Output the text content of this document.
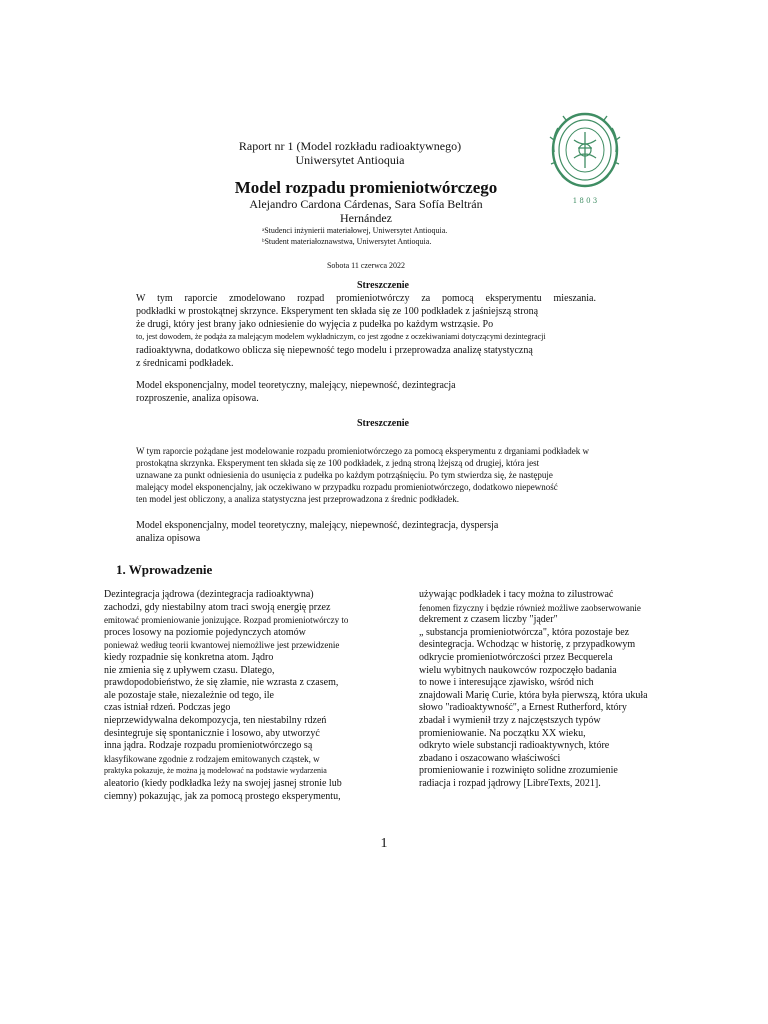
Raport nr 1 (Model rozkładu radioaktywnego)
Uniwersytet Antioquia
1 8 0 3
Model rozpadu promieniotwórczego
Alejandro Cardona Cárdenas, Sara Sofía Beltrán
Hernández
ᵃStudenci inżynierii materiałowej, Uniwersytet Antioquia.
ᵇStudent materiałoznawstwa, Uniwersytet Antioquia.
Sobota 11 czerwca 2022
Streszczenie
W tym raporcie zmodelowano rozpad promieniotwórczy za pomocą eksperymentu mieszania.
podkładki w prostokątnej skrzynce. Eksperyment ten składa się ze 100 podkładek z jaśniejszą stroną
że drugi, który jest brany jako odniesienie do wyjęcia z pudełka po każdym wstrząsie. Po
to, jest dowodem, że podąża za malejącym modelem wykładniczym, co jest zgodne z oczekiwaniami dotyczącymi dezintegracji
radioaktywna, dodatkowo oblicza się niepewność tego modelu i przeprowadza analizę statystyczną
z średnicami podkładek.
Model eksponencjalny, model teoretyczny, malejący, niepewność, dezintegracja
rozproszenie, analiza opisowa.
Streszczenie
W tym raporcie pożądane jest modelowanie rozpadu promieniotwórczego za pomocą eksperymentu z drganiami podkładek w
prostokątna skrzynka. Eksperyment ten składa się ze 100 podkładek, z jedną stroną lżejszą od drugiej, która jest
uznawane za punkt odniesienia do usunięcia z pudełka po każdym potrząśnięciu. Po tym stwierdza się, że następuje
malejący model eksponencjalny, jak oczekiwano w przypadku rozpadu promieniotwórczego, dodatkowo niepewność
ten model jest obliczony, a analiza statystyczna jest przeprowadzona z średnic podkładek.
Model eksponencjalny, model teoretyczny, malejący, niepewność, dezintegracja, dyspersja
analiza opisowa
1. Wprowadzenie
Dezintegracja jądrowa (dezintegracja radioaktywna)
zachodzi, gdy niestabilny atom traci swoją energię przez
emitować promieniowanie jonizujące. Rozpad promieniotwórczy to
proces losowy na poziomie pojedynczych atomów
ponieważ według teorii kwantowej niemożliwe jest przewidzenie
kiedy rozpadnie się konkretna atom. Jądro
nie zmienia się z upływem czasu. Dlatego,
prawdopodobieństwo, że się złamie, nie wzrasta z czasem,
ale pozostaje stałe, niezależnie od tego, ile
czas istniał rdzeń. Podczas jego
nieprzewidywalna dekompozycja, ten niestabilny rdzeń
desintegruje się spontanicznie i losowo, aby utworzyć
inna jądra. Rodzaje rozpadu promieniotwórczego są
klasyfikowane zgodnie z rodzajem emitowanych cząstek, w
praktyka pokazuje, że można ją modelować na podstawie wydarzenia
aleatorio (kiedy podkładka leży na swojej jasnej stronie lub
ciemny) pokazując, jak za pomocą prostego eksperymentu,
używając podkładek i tacy można to zilustrować
fenomen fizyczny i będzie również możliwe zaobserwowanie
dekrement z czasem liczby "jąder"
„ substancja promieniotwórcza", która pozostaje bez
desintegracja. Wchodząc w historię, z przypadkowym
odkrycie promieniotwórczości przez Becquerela
wielu wybitnych naukowców rozpoczęło badania
to nowe i interesujące zjawisko, wśród nich
znajdowali Marię Curie, która była pierwszą, która ukuła
słowo "radioaktywność", a Ernest Rutherford, który
zbadał i wymienił trzy z najczęstszych typów
promieniowanie. Na początku XX wieku,
odkryto wiele substancji radioaktywnych, które
zbadano i oszacowano właściwości
promieniowanie i rozwinięto solidne zrozumienie
radiacja i rozpad jądrowy [LibreTexts, 2021].
1
